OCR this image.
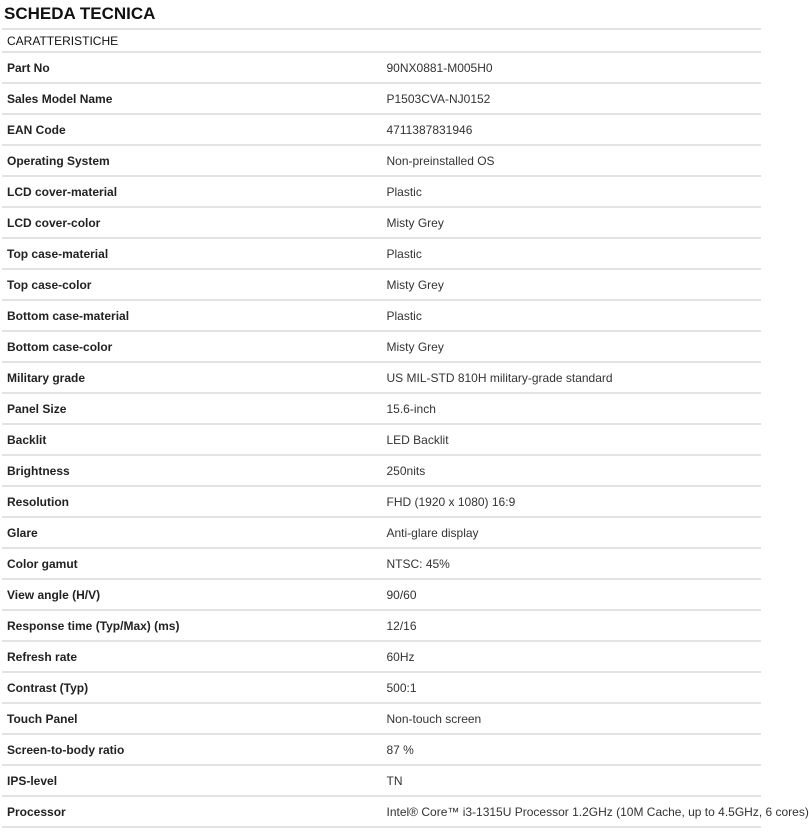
SCHEDA TECNICA
CARATTERISTICHE	
Part No	90NX0881-M005H0
Sales Model Name	P1503CVA-NJ0152
EAN Code	4711387831946
Operating System	Non-preinstalled OS
LCD cover-material	Plastic
LCD cover-color	Misty Grey
Top case-material	Plastic
Top case-color	Misty Grey
Bottom case-material	Plastic
Bottom case-color	Misty Grey
Military grade	US MIL-STD 810H military-grade standard
Panel Size	15.6-inch
Backlit	LED Backlit
Brightness	250nits
Resolution	FHD (1920 x 1080) 16:9
Glare	Anti-glare display
Color gamut	NTSC: 45%
View angle (H/V)	90/60
Response time (Typ/Max) (ms)	12/16
Refresh rate	60Hz
Contrast (Typ)	500:1
Touch Panel	Non-touch screen
Screen-to-body ratio	87 %
IPS-level	TN
Processor	Intel® Core™ i3-1315U Processor 1.2GHz (10M Cache, up to 4.5GHz, 6 cores)
